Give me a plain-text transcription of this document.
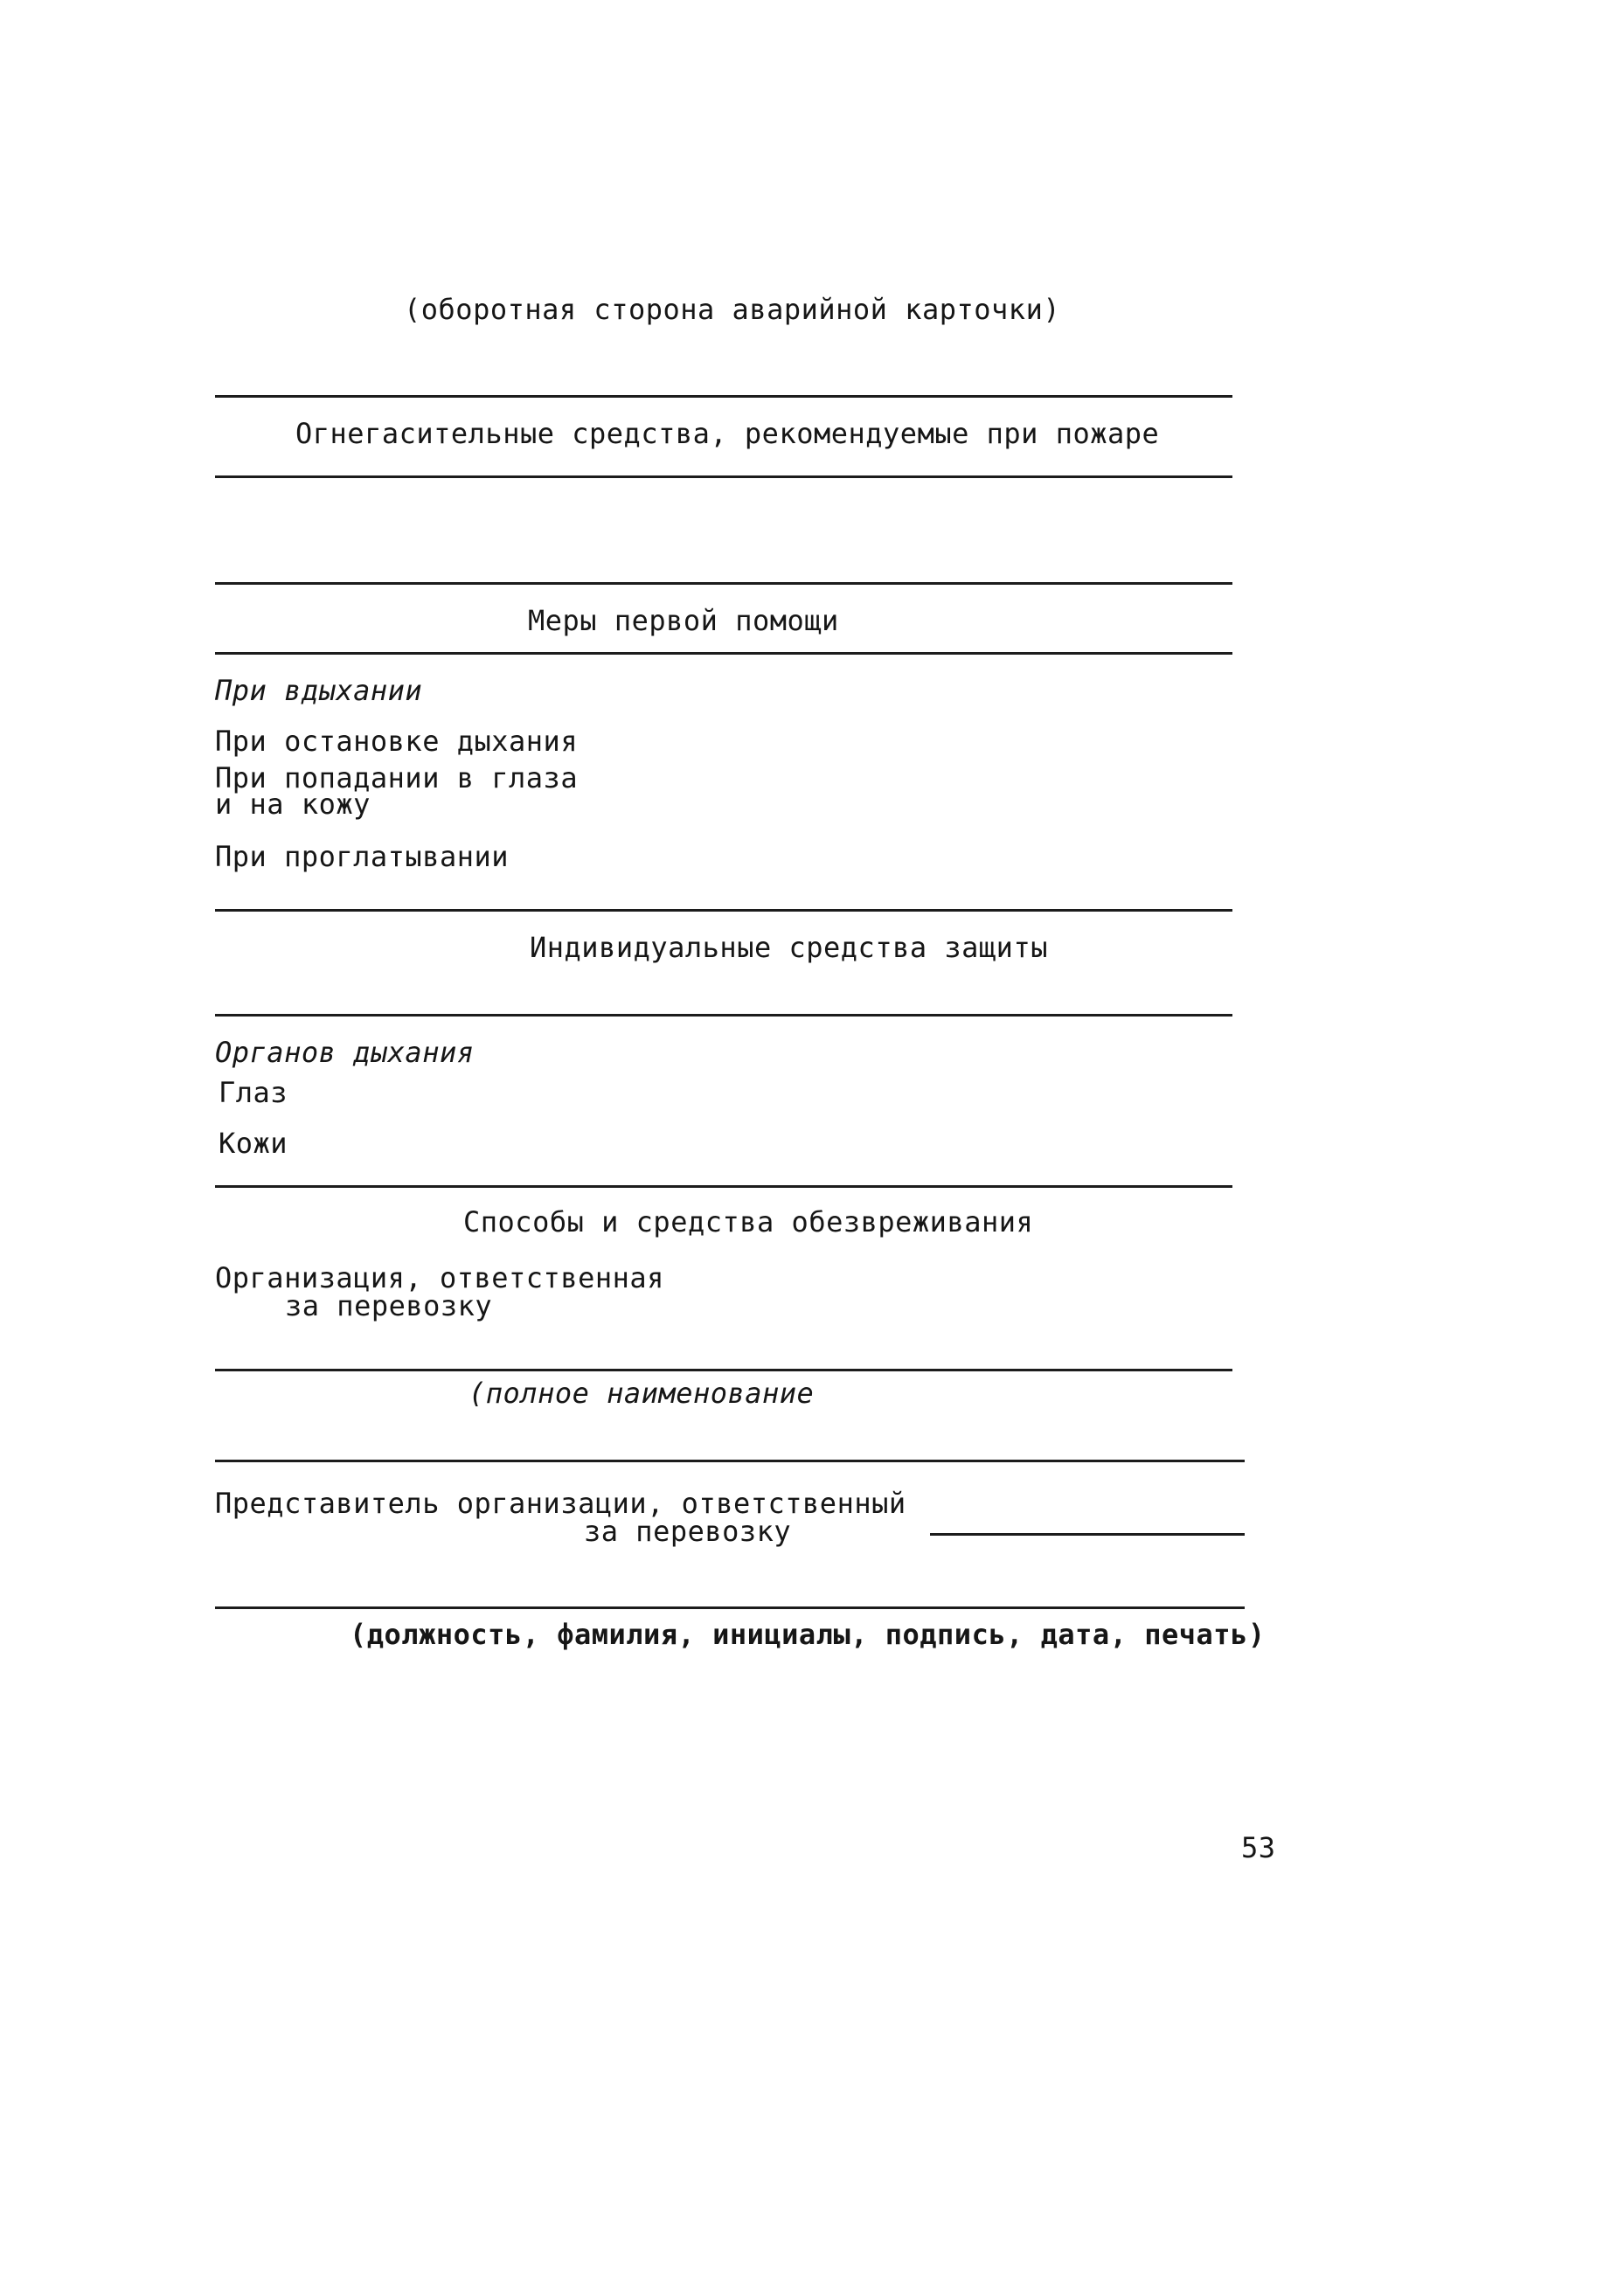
(оборотная сторона аварийной карточки)
Огнегасительные средства, рекомендуемые при пожаре
Меры первой помощи
При вдыхании
При остановке дыхания
При попадании в глаза
и на кожу
При проглатывании
Индивидуальные средства защиты
Органов дыхания
Глаз
Кожи
Способы и средства обезвреживания
Организация, ответственная
за перевозку
(полное наименование
Представитель организации, ответственный
за перевозку
(должность, фамилия, инициалы, подпись, дата, печать)
53
